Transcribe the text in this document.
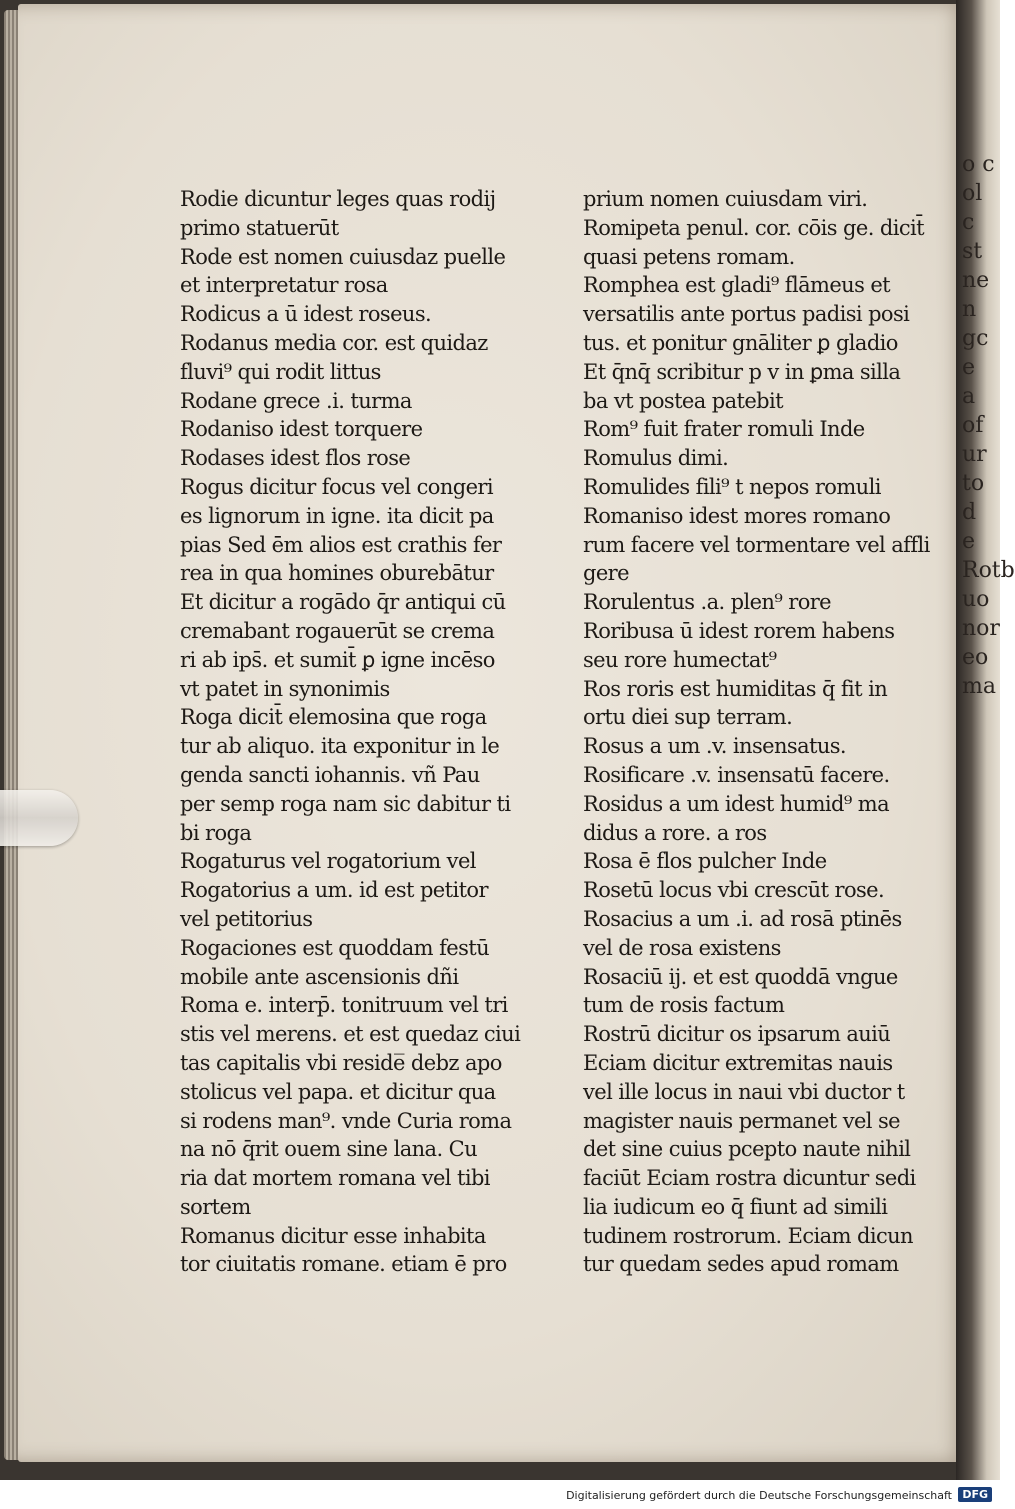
o c
ol
c
st
ne
n
gc
e
a
of
ur
to
d
e
Rotb
uo
nor
eo
ma
Rodie dicuntur leges quas rodij
primo statuerūt
Rode est nomen cuiusdaz puelle
et interpretatur rosa
Rodicus a ū idest roseus.
Rodanus media cor. est quidaz
fluvi⁹ qui rodit littus
Rodane grece .i. turma
Rodaniso idest torquere
Rodases idest flos rose
Rogus dicitur focus vel congeri
es lignorum in igne. ita dicit pa
pias Sed ēm alios est crathis fer
rea in qua homines oburebātur
Et dicitur a rogādo q̄r antiqui cū
cremabant rogauerūt se crema
ri ab ips̄. et sumit̄ ꝑ igne incēso
vt patet in synonimis
Roga dicit̄ elemosina que roga
tur ab aliquo. ita exponitur in le
genda sancti iohannis. vñ Pau
per semp roga nam sic dabitur ti
bi roga
Rogaturus vel rogatorium vel
Rogatorius a um. id est petitor
vel petitorius
Rogaciones est quoddam festū
mobile ante ascensionis dñi
Roma e. interp̄. tonitruum vel tri
stis vel merens. et est quedaz ciui
tas capitalis vbi reside̅ debz apo
stolicus vel papa. et dicitur qua
si rodens man⁹. vnde Curia roma
na nō q̄rit ouem sine lana. Cu
ria dat mortem romana vel tibi
sortem
Romanus dicitur esse inhabita
tor ciuitatis romane. etiam ē pro
prium nomen cuiusdam viri.
Romipeta penul. cor. cōis ge. dicit̄
quasi petens romam.
Romphea est gladi⁹ flāmeus et
versatilis ante portus padisi posi
tus. et ponitur gnāliter ꝑ gladio
Et q̄nq̄ scribitur p v in ꝑma silla
ba vt postea patebit
Rom⁹ fuit frater romuli Inde
Romulus dimi.
Romulides fili⁹ t nepos romuli
Romaniso idest mores romano
rum facere vel tormentare vel affli
gere
Rorulentus .a. plen⁹ rore
Roribusa ū idest rorem habens
seu rore humectat⁹
Ros roris est humiditas q̄ fit in
ortu diei sup terram.
Rosus a um .v. insensatus.
Rosificare .v. insensatū facere.
Rosidus a um idest humid⁹ ma
didus a rore. a ros
Rosa ē flos pulcher Inde
Rosetū locus vbi crescūt rose.
Rosacius a um .i. ad rosā ptinēs
vel de rosa existens
Rosaciū ij. et est quoddā vngue
tum de rosis factum
Rostrū dicitur os ipsarum auiū
Eciam dicitur extremitas nauis
vel ille locus in naui vbi ductor t
magister nauis permanet vel se
det sine cuius pcepto naute nihil
faciūt Eciam rostra dicuntur sedi
lia iudicum eo q̄ fiunt ad simili
tudinem rostrorum. Eciam dicun
tur quedam sedes apud romam
Digitalisierung gefördert durch die Deutsche Forschungsgemeinschaft DFG
